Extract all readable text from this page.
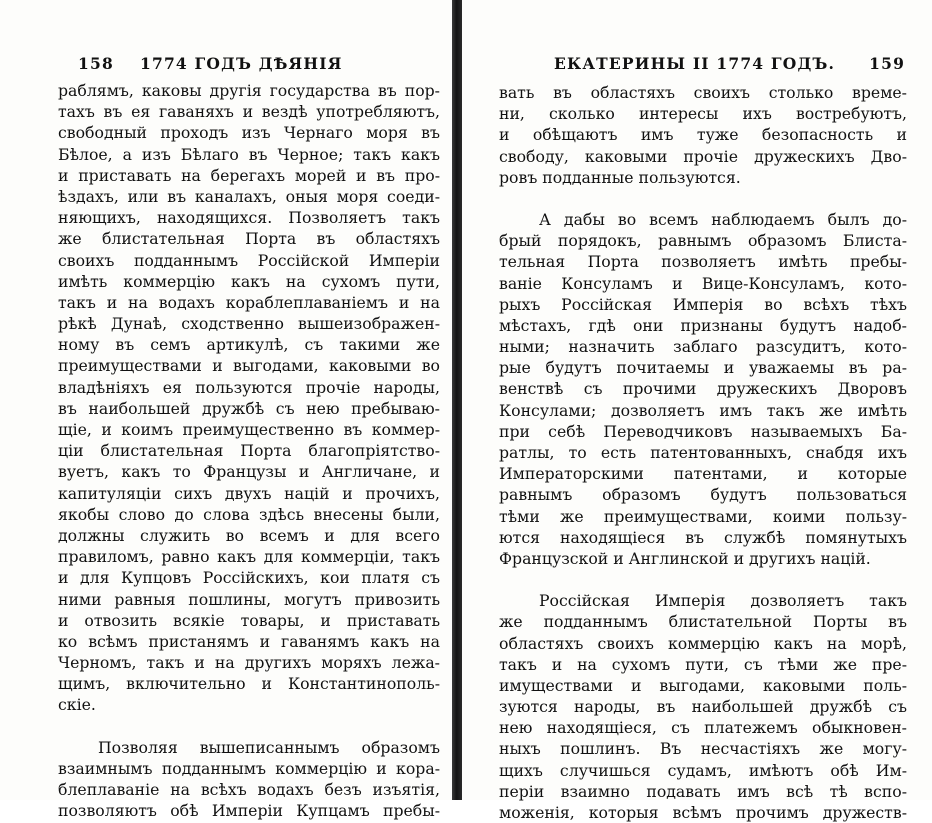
158 1774 ГОДЪ ДѢЯНІЯ
раблямъ, каковы другія государства въ пор-
тахъ въ ея гаваняхъ и вездѣ употребляютъ,
свободный проходъ изъ Чернаго моря въ
Бѣлое, а изъ Бѣлаго въ Черное; такъ какъ
и приставать на берегахъ морей и въ про-
ѣздахъ, или въ каналахъ, оныя моря соеди-
няющихъ, находящихся. Позволяетъ такъ
же блистательная Порта въ областяхъ
своихъ подданнымъ Россійской Имперіи
имѣть коммерцію какъ на сухомъ пути,
такъ и на водахъ кораблеплаваніемъ и на
рѣкѣ Дунаѣ, сходственно вышеизображен-
ному въ семъ артикулѣ, съ такими же
преимуществами и выгодами, каковыми во
владѣніяхъ ея пользуются прочіе народы,
въ наибольшей дружбѣ съ нею пребываю-
щіе, и коимъ преимущественно въ коммер-
ціи блистательная Порта благопріятство-
вуетъ, какъ то Французы и Англичане, и
капитуляціи сихъ двухъ націй и прочихъ,
якобы слово до слова здѣсь внесены были,
должны служить во всемъ и для всего
правиломъ, равно какъ для коммерціи, такъ
и для Купцовъ Россійскихъ, кои платя съ
ними равныя пошлины, могутъ привозить
и отвозить всякіе товары, и приставать
ко всѣмъ пристанямъ и гаванямъ какъ на
Черномъ, такъ и на другихъ моряхъ лежа-
щимъ, включительно и Константинополь-
скіе.
Позволяя вышеписаннымъ образомъ
взаимнымъ подданнымъ коммерцію и кора-
блеплаваніе на всѣхъ водахъ безъ изъятія,
позволяютъ обѣ Имперіи Купцамъ пребы-
ЕКАТЕРИНЫ II 1774 ГОДЪ. 159
вать въ областяхъ своихъ столько време-
ни, сколько интересы ихъ востребуютъ,
и обѣщаютъ имъ туже безопасность и
свободу, каковыми прочіе дружескихъ Дво-
ровъ подданные пользуются.
А дабы во всемъ наблюдаемъ былъ до-
брый порядокъ, равнымъ образомъ Блиста-
тельная Порта позволяетъ имѣть пребы-
ваніе Консуламъ и Вице-Консуламъ, кото-
рыхъ Россійская Имперія во всѣхъ тѣхъ
мѣстахъ, гдѣ они признаны будутъ надоб-
ными; назначить заблаго разсудитъ, кото-
рые будутъ почитаемы и уважаемы въ ра-
венствѣ съ прочими дружескихъ Дворовъ
Консулами; дозволяетъ имъ такъ же имѣть
при себѣ Переводчиковъ называемыхъ Ба-
ратлы, то есть патентованныхъ, снабдя ихъ
Императорскими патентами, и которые
равнымъ образомъ будутъ пользоваться
тѣми же преимуществами, коими пользу-
ются находящіеся въ службѣ помянутыхъ
Французской и Англинской и другихъ націй.
Россійская Имперія дозволяетъ такъ
же подданнымъ блистательной Порты въ
областяхъ своихъ коммерцію какъ на морѣ,
такъ и на сухомъ пути, съ тѣми же пре-
имуществами и выгодами, каковыми поль-
зуются народы, въ наибольшей дружбѣ съ
нею находящіеся, съ платежемъ обыкновен-
ныхъ пошлинъ. Въ несчастіяхъ же могу-
щихъ случишься судамъ, имѣютъ обѣ Им-
періи взаимно подавать имъ всѣ тѣ вспо-
моженія, которыя всѣмъ прочимъ дружеств-
